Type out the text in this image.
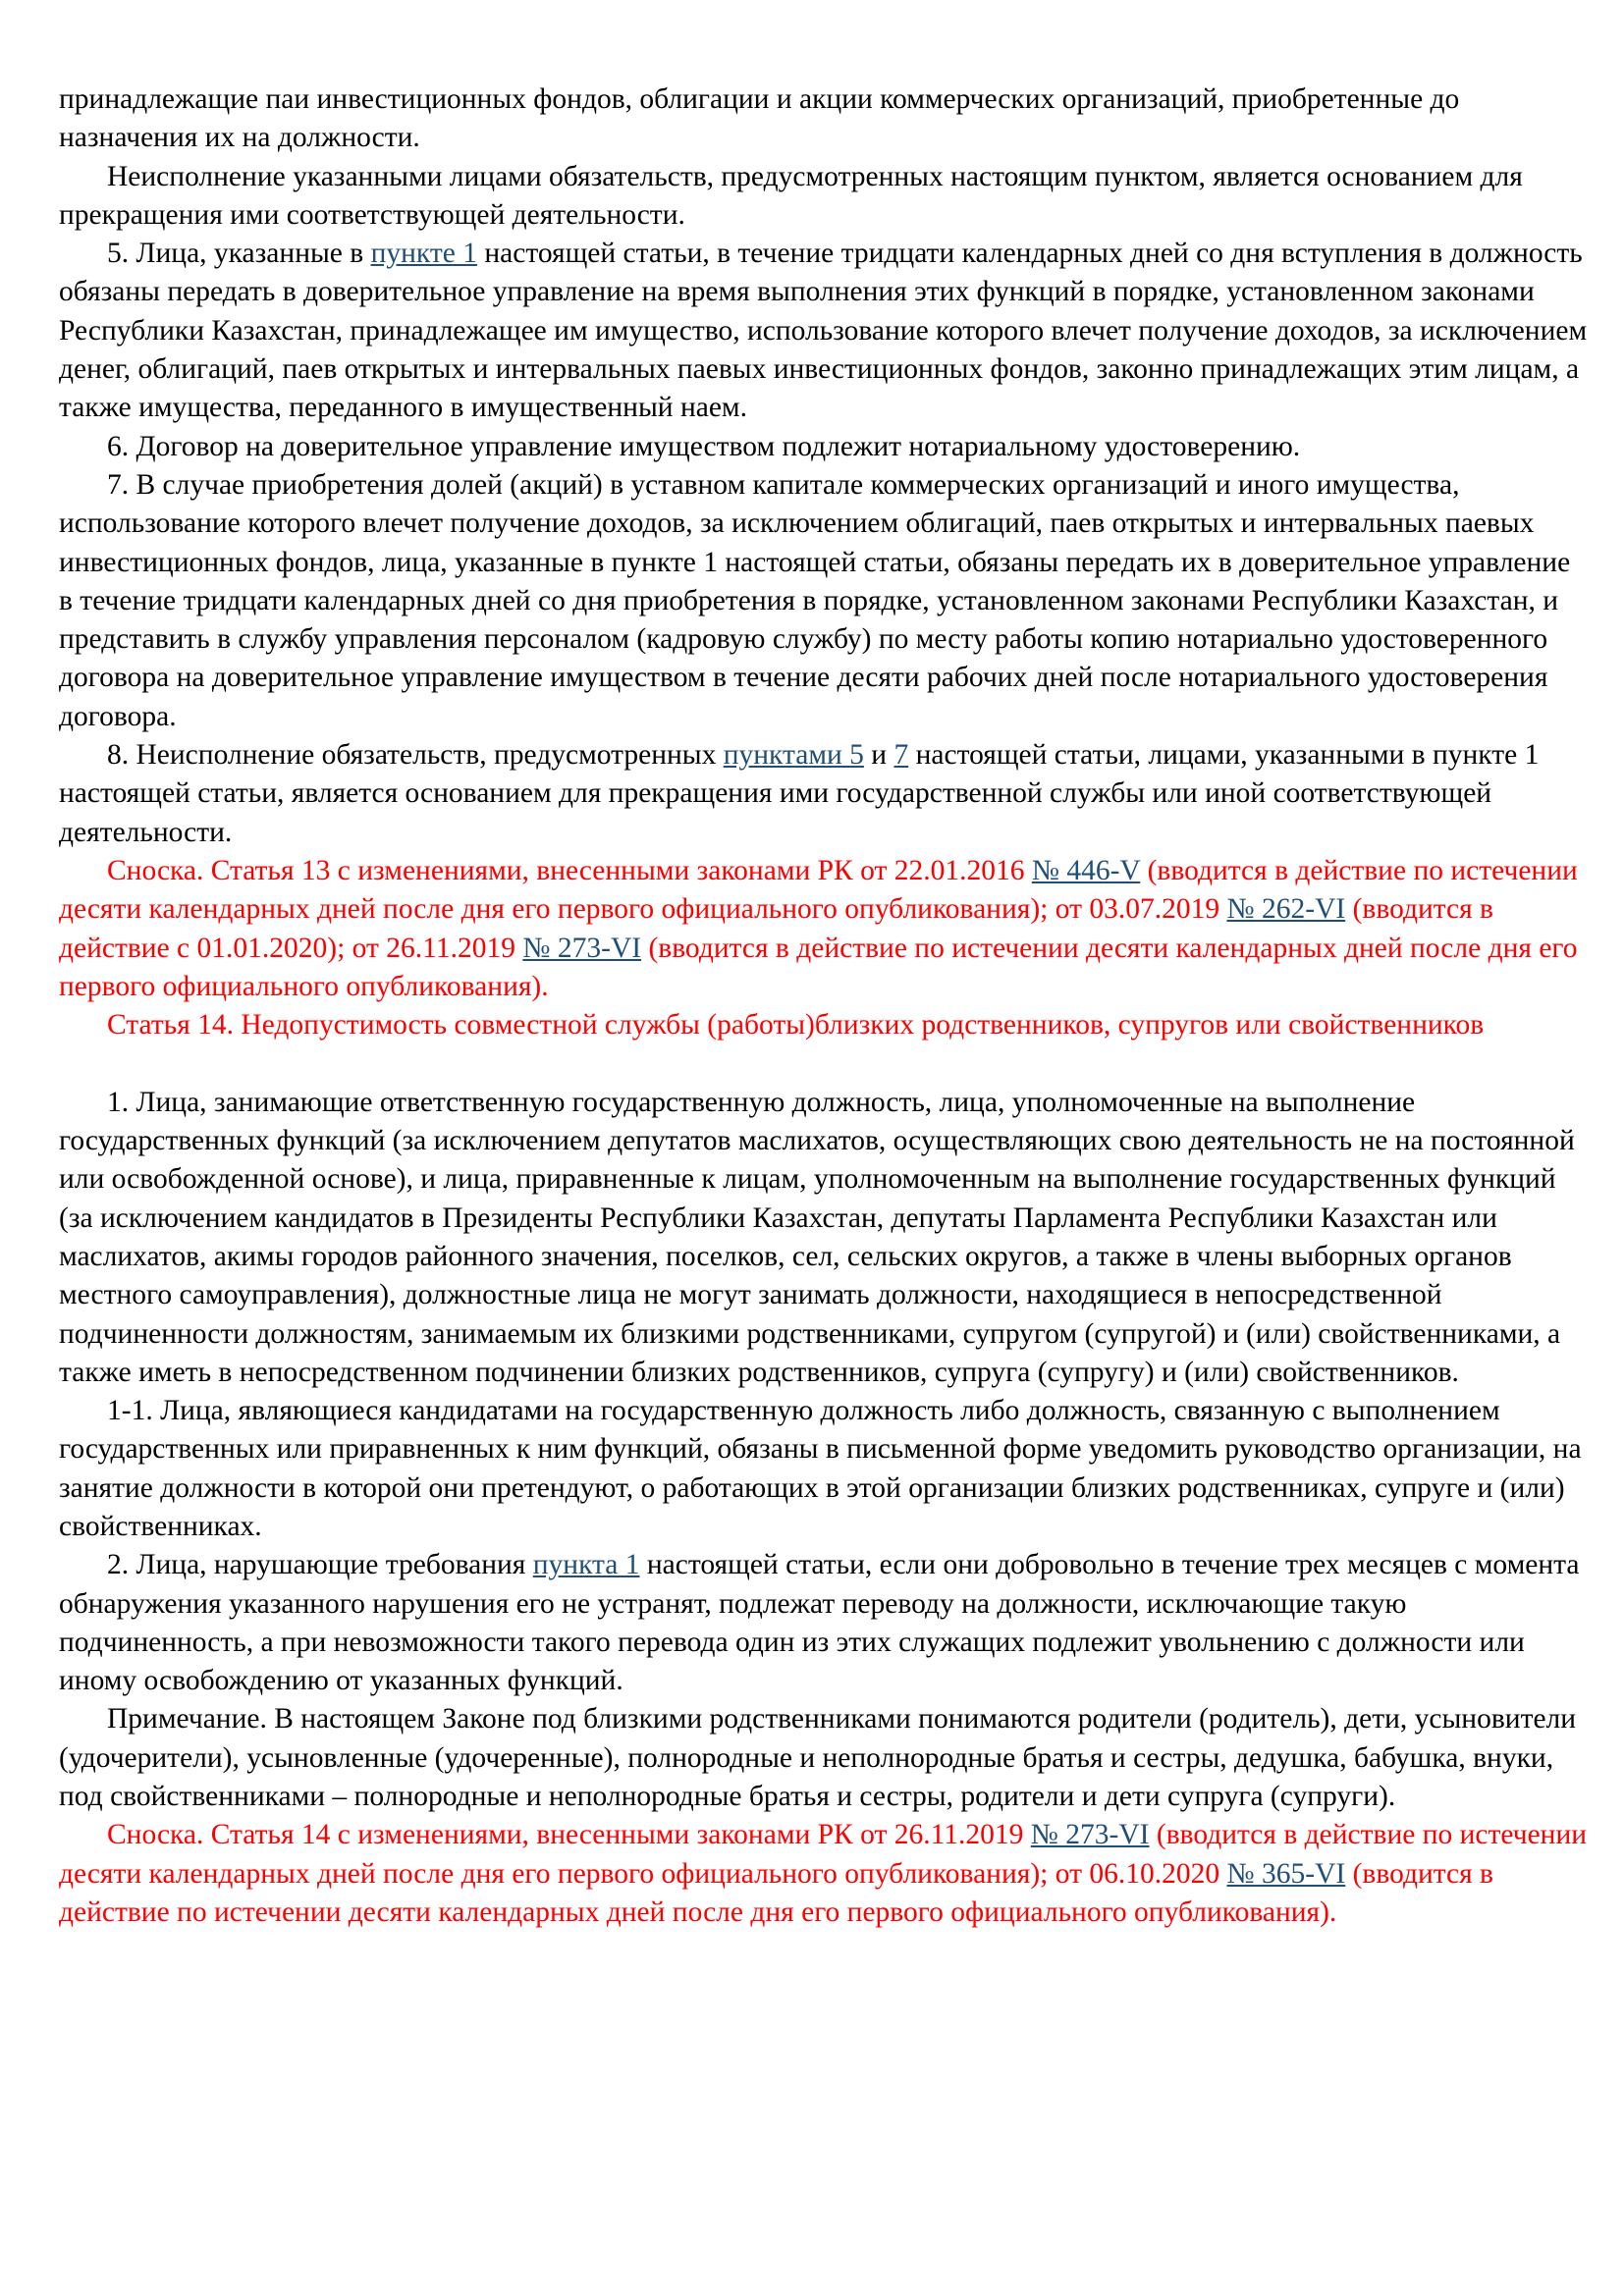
принадлежащие паи инвестиционных фондов, облигации и акции коммерческих организаций, приобретенные до назначения их на должности.

Неисполнение указанными лицами обязательств, предусмотренных настоящим пунктом, является основанием для прекращения ими соответствующей деятельности.

5. Лица, указанные в пункте 1 настоящей статьи, в течение тридцати календарных дней со дня вступления в должность обязаны передать в доверительное управление на время выполнения этих функций в порядке, установленном законами Республики Казахстан, принадлежащее им имущество, использование которого влечет получение доходов, за исключением денег, облигаций, паев открытых и интервальных паевых инвестиционных фондов, законно принадлежащих этим лицам, а также имущества, переданного в имущественный наем.

6. Договор на доверительное управление имуществом подлежит нотариальному удостоверению.

7. В случае приобретения долей (акций) в уставном капитале коммерческих организаций и иного имущества, использование которого влечет получение доходов, за исключением облигаций, паев открытых и интервальных паевых инвестиционных фондов, лица, указанные в пункте 1 настоящей статьи, обязаны передать их в доверительное управление в течение тридцати календарных дней со дня приобретения в порядке, установленном законами Республики Казахстан, и представить в службу управления персоналом (кадровую службу) по месту работы копию нотариально удостоверенного договора на доверительное управление имуществом в течение десяти рабочих дней после нотариального удостоверения договора.

8. Неисполнение обязательств, предусмотренных пунктами 5 и 7 настоящей статьи, лицами, указанными в пункте 1 настоящей статьи, является основанием для прекращения ими государственной службы или иной соответствующей деятельности.

Сноска. Статья 13 с изменениями, внесенными законами РК от 22.01.2016 № 446-V (вводится в действие по истечении десяти календарных дней после дня его первого официального опубликования); от 03.07.2019 № 262-VI (вводится в действие с 01.01.2020); от 26.11.2019 № 273-VI (вводится в действие по истечении десяти календарных дней после дня его первого официального опубликования).

Статья 14. Недопустимость совместной службы (работы)близких родственников, супругов или свойственников

1. Лица, занимающие ответственную государственную должность, лица, уполномоченные на выполнение государственных функций (за исключением депутатов маслихатов, осуществляющих свою деятельность не на постоянной или освобожденной основе), и лица, приравненные к лицам, уполномоченным на выполнение государственных функций (за исключением кандидатов в Президенты Республики Казахстан, депутаты Парламента Республики Казахстан или маслихатов, акимы городов районного значения, поселков, сел, сельских округов, а также в члены выборных органов местного самоуправления), должностные лица не могут занимать должности, находящиеся в непосредственной подчиненности должностям, занимаемым их близкими родственниками, супругом (супругой) и (или) свойственниками, а также иметь в непосредственном подчинении близких родственников, супруга (супругу) и (или) свойственников.

1-1. Лица, являющиеся кандидатами на государственную должность либо должность, связанную с выполнением государственных или приравненных к ним функций, обязаны в письменной форме уведомить руководство организации, на занятие должности в которой они претендуют, о работающих в этой организации близких родственниках, супруге и (или) свойственниках.

2. Лица, нарушающие требования пункта 1 настоящей статьи, если они добровольно в течение трех месяцев с момента обнаружения указанного нарушения его не устранят, подлежат переводу на должности, исключающие такую подчиненность, а при невозможности такого перевода один из этих служащих подлежит увольнению с должности или иному освобождению от указанных функций.

Примечание. В настоящем Законе под близкими родственниками понимаются родители (родитель), дети, усыновители (удочерители), усыновленные (удочеренные), полнородные и неполнородные братья и сестры, дедушка, бабушка, внуки, под свойственниками – полнородные и неполнородные братья и сестры, родители и дети супруга (супруги).

Сноска. Статья 14 с изменениями, внесенными законами РК от 26.11.2019 № 273-VI (вводится в действие по истечении десяти календарных дней после дня его первого официального опубликования); от 06.10.2020 № 365-VI (вводится в действие по истечении десяти календарных дней после дня его первого официального опубликования).
